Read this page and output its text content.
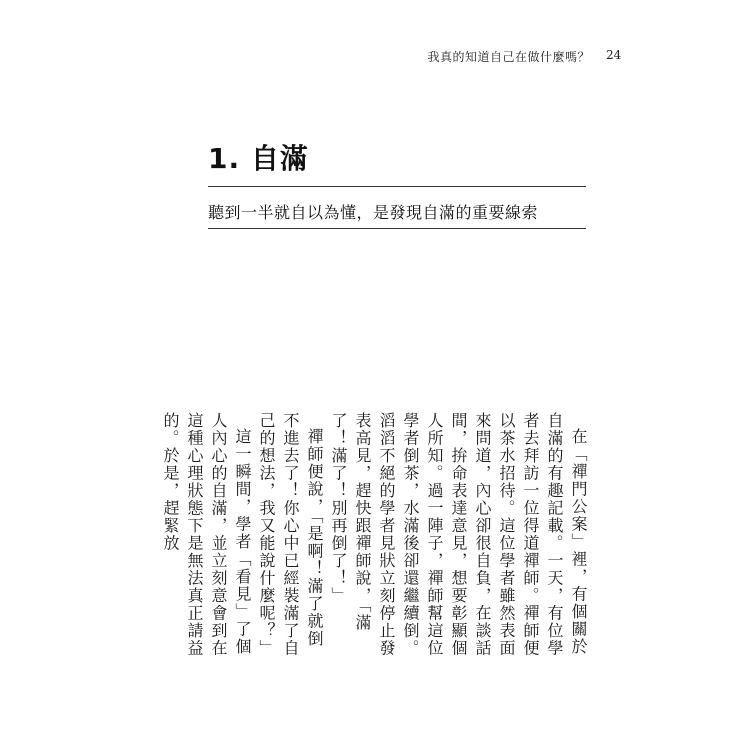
我真的知道自己在做什麼嗎？ 24
1. 自滿
聽到一半就自以為懂，是發現自滿的重要線索

在「禪門公案」裡，有個關於自滿的有趣記載。一天，有位學者去拜訪一位得道禪師。禪師便以茶水招待。這位學者雖然表面來問道，內心卻很自負，在談話間，拚命表達意見，想要彰顯個人所知。過一陣子，禪師幫這位學者倒茶，水滿後卻還繼續倒。滔滔不絕的學者見狀立刻停止發表高見，趕快跟禪師說，「滿了！滿了！別再倒了！」

禪師便說，「是啊！滿了就倒不進去了！你心中已經裝滿了自己的想法，我又能說什麼呢？」

這一瞬間，學者「看見」了個人內心的自滿，並立刻意會到在這種心理狀態下是無法真正請益的。於是，趕緊放
